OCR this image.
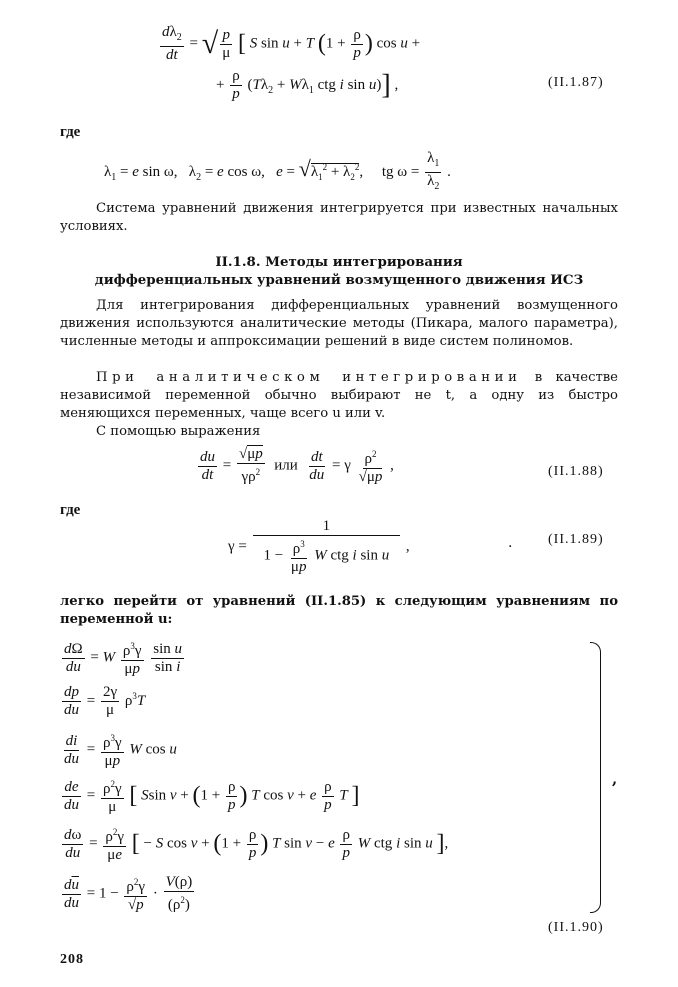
$\frac{d\lambda_2}{dt}$ = √ $\frac{p}{\mu}$ [ S sin u + T ($1 + \frac{\rho}{p}$ ) cos u +
+ $\frac{\rho}{p} (T\lambda_2 + W\lambda_1$ ctg i sin u)] ,	(II.1.87)
где
$\lambda_1 = e$ sin ω,   $\lambda_2 = e$ cos ω,   $e = √\lambda_1^2 + \lambda_2^2$,     tg $\omega = \frac{\lambda_1}{\lambda_2}$ .
Система уравнений движения интегрируется при известных начальных условиях.
II.1.8. Методы интегрирования
дифференциальных уравнений возмущенного движения ИСЗ
Для интегрирования дифференциальных уравнений возмущенного движения используются аналитические методы (Пикара, малого параметра), численные методы и аппроксимации решений в виде систем полиномов.
При аналитическом интегрировании в качестве независимой переменной обычно выбирают не t, а одну из быстро меняющихся переменных, чаще всего u или v.
С помощью выражения
$\frac{du}{dt} = \frac{√\mu p}{\gamma\rho^2}$ или $\frac{dt}{du} = \gamma \frac{\rho^2}{√\mu p}$ ,	(II.1.88)
где
$\gamma = \frac{1}{1 - \frac{\rho^3}{\mu p} W ctg i \sin u}$ ,	.	(II.1.89)
легко перейти от уравнений (II.1.85) к следующим уравнениям по переменной u:
$\frac{d\Omega}{du} = W \frac{\rho^3\gamma}{\mu p}$
$\frac{\text{sin u}}{\text{sin i}}$
$\frac{dp}{du} = \frac{2\gamma}{\mu} \rho^3T$
$\frac{di}{du} = \frac{\rho^3\gamma}{\mu p}$ W cos u
$\frac{de}{du} = \frac{\rho^2\gamma}{\mu}$ [ Ssin $v + (1 + \frac{\rho}{p}$ ) T cos v + e $\frac{\rho}{p}$ T ]
$\frac{d\omega}{du} = \frac{\rho^2\gamma}{\mu e}$ [ − S $\cos v + (1 + \frac{\rho}{p}$ ) T sin v − e $\frac{\rho}{p}$ W ctg i sin u ],
$\frac{d\overline{u}}{du} = 1 - \frac{\rho^2\gamma}{√p} \cdot \frac{V(\rho)}{(\rho^2)}$
,
(II.1.90)
208
